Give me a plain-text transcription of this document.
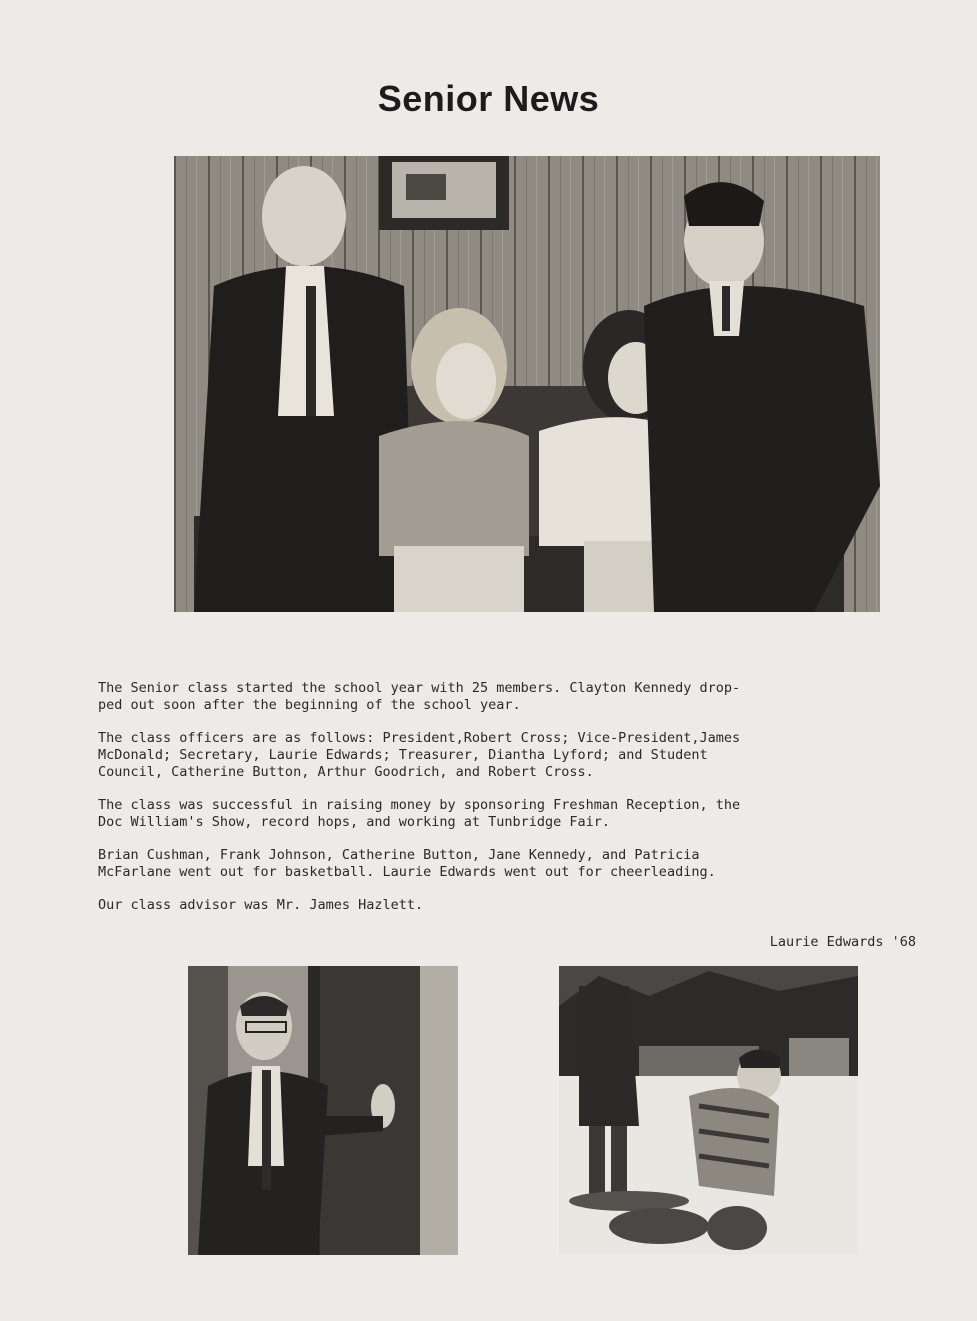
Senior News

The Senior class started the school year with 25 members. Clayton Kennedy drop-
ped out soon after the beginning of the school year.

The class officers are as follows: President,Robert Cross; Vice-President,James
McDonald; Secretary, Laurie Edwards; Treasurer, Diantha Lyford; and Student
Council, Catherine Button, Arthur Goodrich, and Robert Cross.

The class was successful in raising money by sponsoring Freshman Reception, the
Doc William's Show, record hops, and working at Tunbridge Fair.

Brian Cushman, Frank Johnson, Catherine Button, Jane Kennedy, and Patricia
McFarlane went out for basketball. Laurie Edwards went out for cheerleading.

Our class advisor was Mr. James Hazlett.

Laurie Edwards '68
